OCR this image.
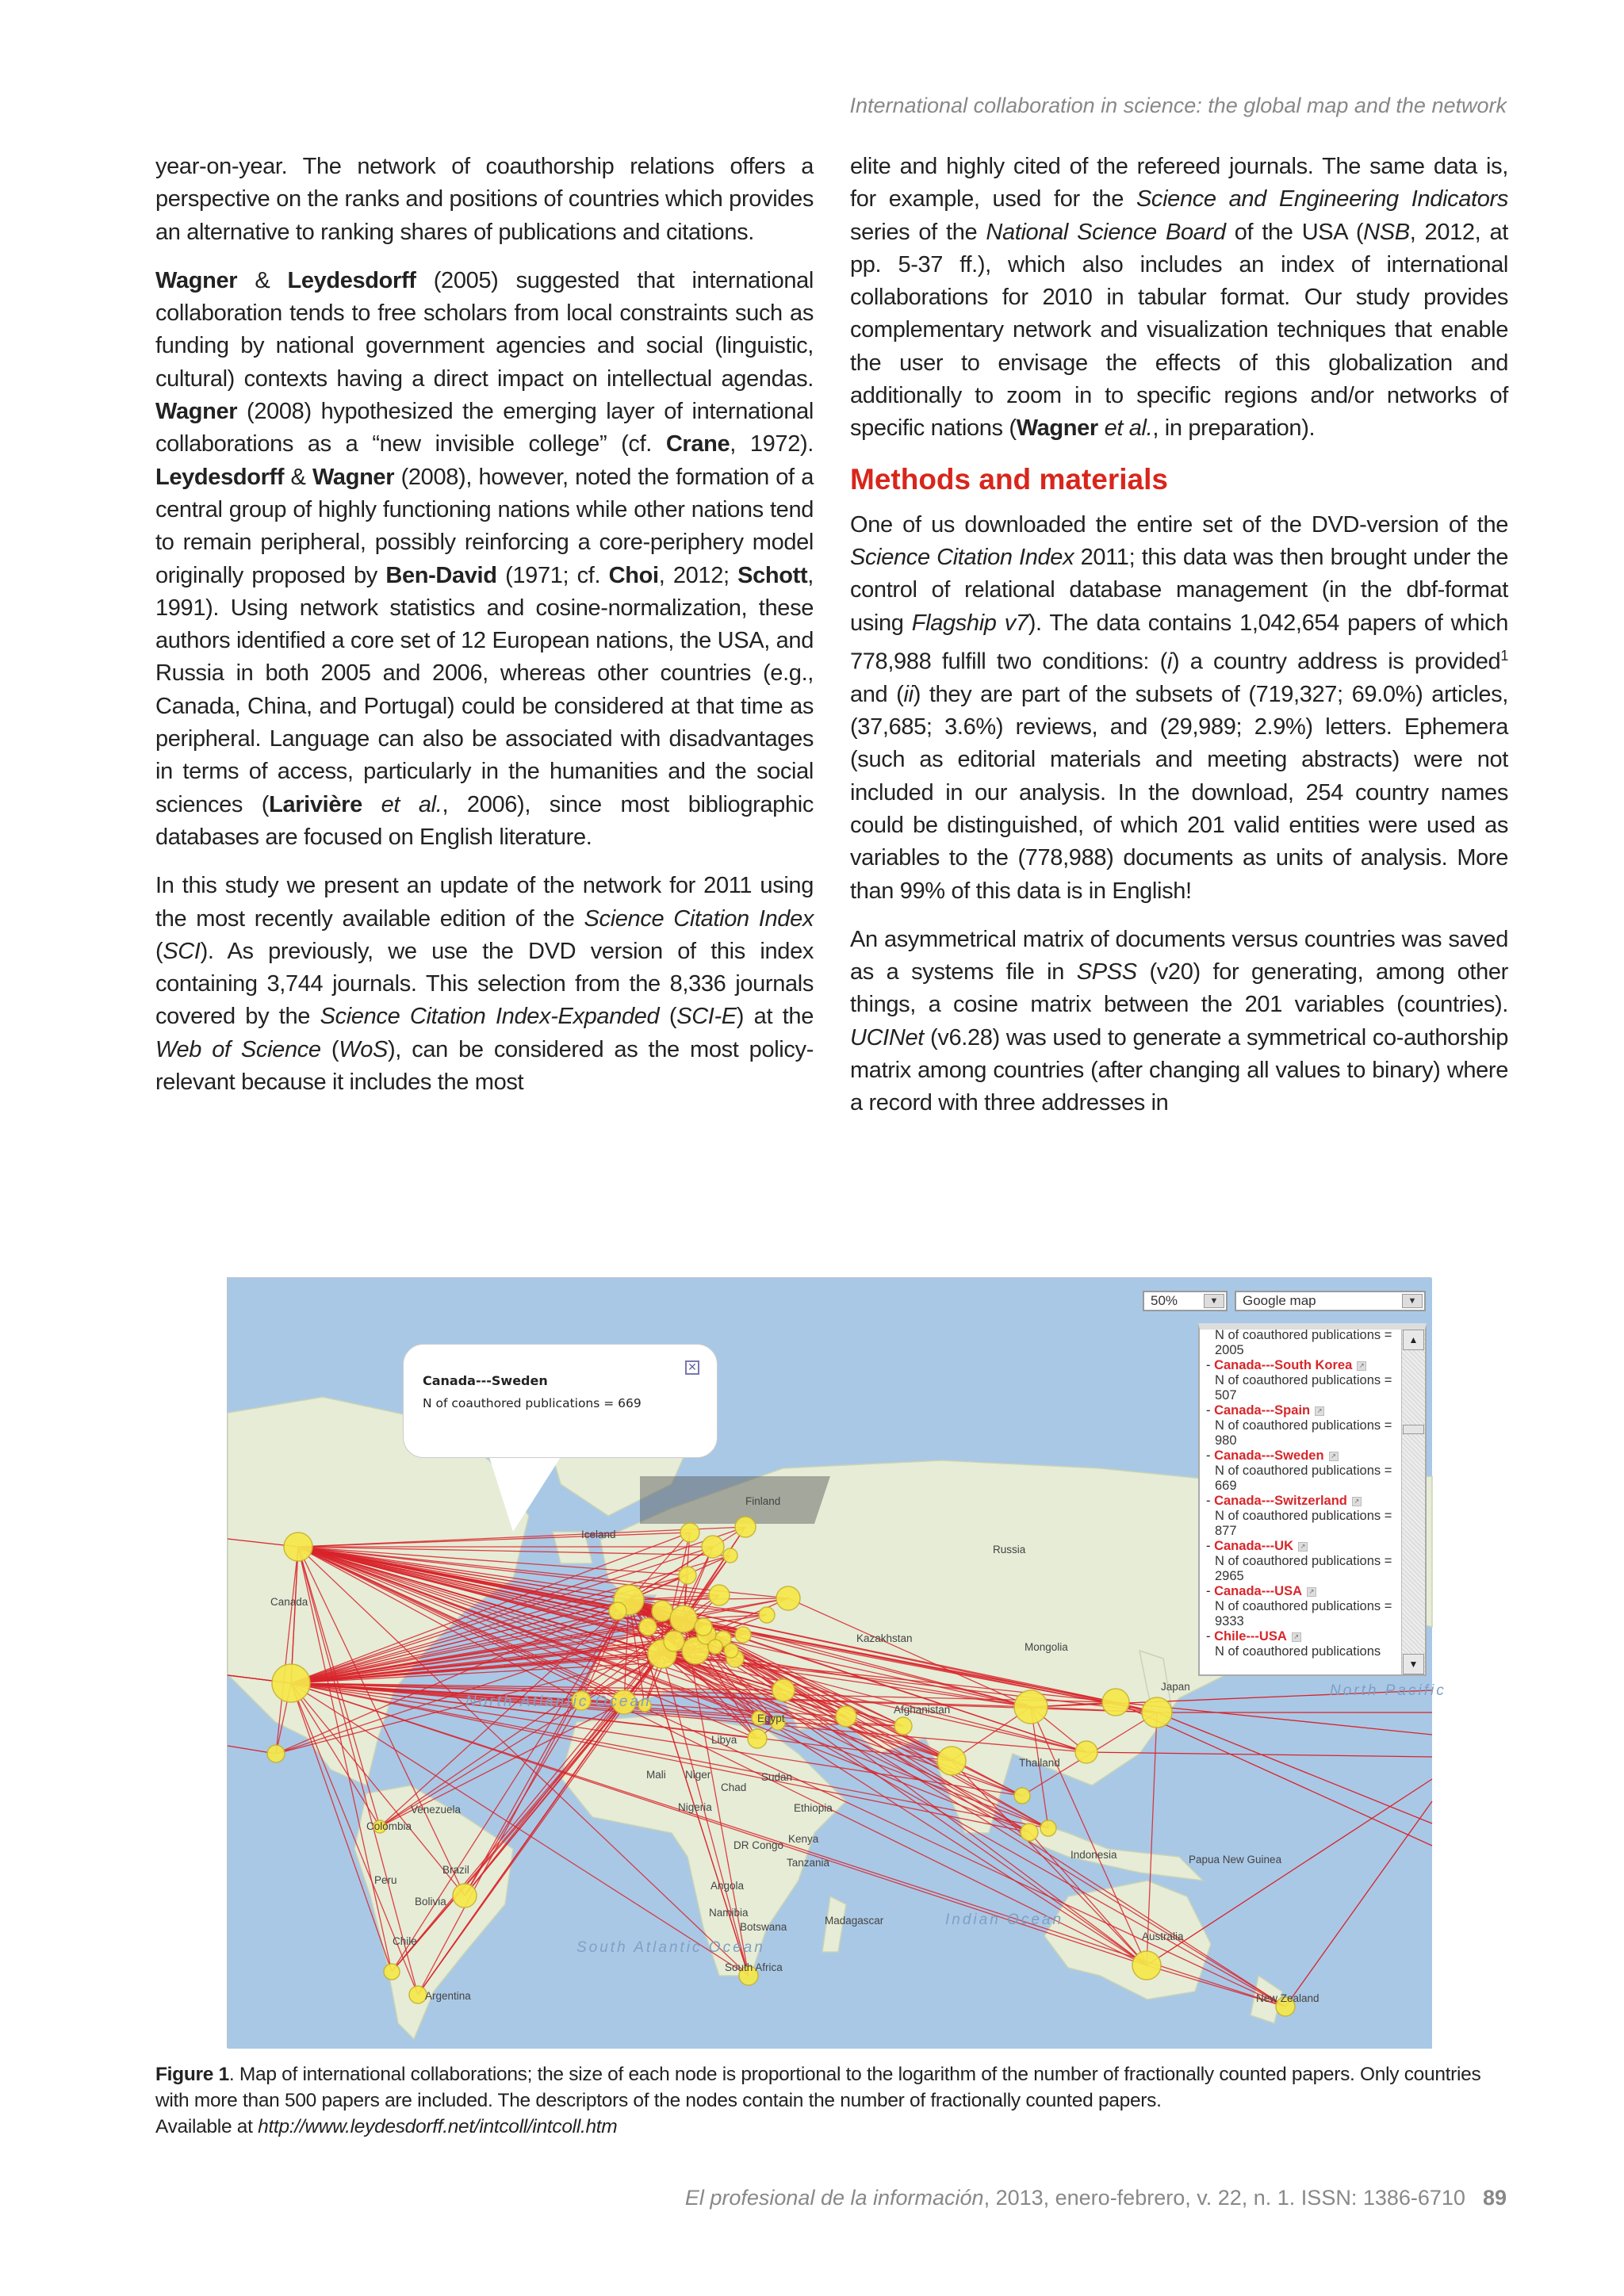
International collaboration in science: the global map and the network

year-on-year. The network of coauthorship relations offers a perspective on the ranks and positions of countries which provides an alternative to ranking shares of publications and citations.

Wagner & Leydesdorff (2005) suggested that international collaboration tends to free scholars from local constraints such as funding by national government agencies and social (linguistic, cultural) contexts having a direct impact on intellectual agendas. Wagner (2008) hypothesized the emerging layer of international collaborations as a “new invisible college” (cf. Crane, 1972). Leydesdorff & Wagner (2008), however, noted the formation of a central group of highly functioning nations while other nations tend to remain peripheral, possibly reinforcing a core-periphery model originally proposed by Ben-David (1971; cf. Choi, 2012; Schott, 1991). Using network statistics and cosine-normalization, these authors identified a core set of 12 European nations, the USA, and Russia in both 2005 and 2006, whereas other countries (e.g., Canada, China, and Portugal) could be considered at that time as peripheral. Language can also be associated with disadvantages in terms of access, particularly in the humanities and the social sciences (Larivière et al., 2006), since most bibliographic databases are focused on English literature.

In this study we present an update of the network for 2011 using the most recently available edition of the Science Citation Index (SCI). As previously, we use the DVD version of this index containing 3,744 journals. This selection from the 8,336 journals covered by the Science Citation Index-Expanded (SCI-E) at the Web of Science (WoS), can be considered as the most policy-relevant because it includes the most

elite and highly cited of the refereed journals. The same data is, for example, used for the Science and Engineering Indicators series of the National Science Board of the USA (NSB, 2012, at pp. 5-37 ff.), which also includes an index of international collaborations for 2010 in tabular format. Our study provides complementary network and visualization techniques that enable the user to envisage the effects of this globalization and additionally to zoom in to specific regions and/or networks of specific nations (Wagner et al., in preparation).

Methods and materials

One of us downloaded the entire set of the DVD-version of the Science Citation Index 2011; this data was then brought under the control of relational database management (in the dbf-format using Flagship v7). The data contains 1,042,654 papers of which 778,988 fulfill two conditions: (i) a country address is provided$^1$ and (ii) they are part of the subsets of (719,327; 69.0%) articles, (37,685; 3.6%) reviews, and (29,989; 2.9%) letters. Ephemera (such as editorial materials and meeting abstracts) were not included in our analysis. In the download, 254 country names could be distinguished, of which 201 valid entities were used as variables to the (778,988) documents as units of analysis. More than 99% of this data is in English!

An asymmetrical matrix of documents versus countries was saved as a systems file in SPSS (v20) for generating, among other things, a cosine matrix between the 201 variables (countries). UCINet (v6.28) was used to generate a symmetrical co-authorship matrix among countries (after changing all values to binary) where a record with three addresses in

Finland
Iceland
Russia
Canada
Kazakhstan
Mongolia
Japan
Thailand
Indonesia	Papua New Guinea
Australia
New Zealand
Mali Niger
Chad
Sudan
Nigeria	Ethiopia
Kenya
DR Congo
Tanzania
Angola
Namibia
Botswana
Madagascar
South Africa
Venezuela
Colombia
Peru
Brazil
Bolivia
Chile
Argentina
Libya
Egypt
Afghanistan
North Atlantic Ocean
South Atlantic Ocean
Indian Ocean
North Pacific
50%	▼	Google map	▼
N of coauthored publications = 2005
- Canada---South Korea ↗
N of coauthored publications = 507
- Canada---Spain ↗
N of coauthored publications = 980
- Canada---Sweden ↗
N of coauthored publications = 669
- Canada---Switzerland ↗
N of coauthored publications = 877
- Canada---UK ↗
N of coauthored publications = 2965
- Canada---USA ↗
N of coauthored publications = 9333
- Chile---USA ↗
N of coauthored publications
▲
▼
✕
Canada---Sweden
N of coauthored publications = 669
Figure 1. Map of international collaborations; the size of each node is proportional to the logarithm of the number of fractionally counted papers. Only countries with more than 500 papers are included. The descriptors of the nodes contain the number of fractionally counted papers.
Available at http://www.leydesdorff.net/intcoll/intcoll.htm
El profesional de la información, 2013, enero-febrero, v. 22, n. 1. ISSN: 1386-6710 89
